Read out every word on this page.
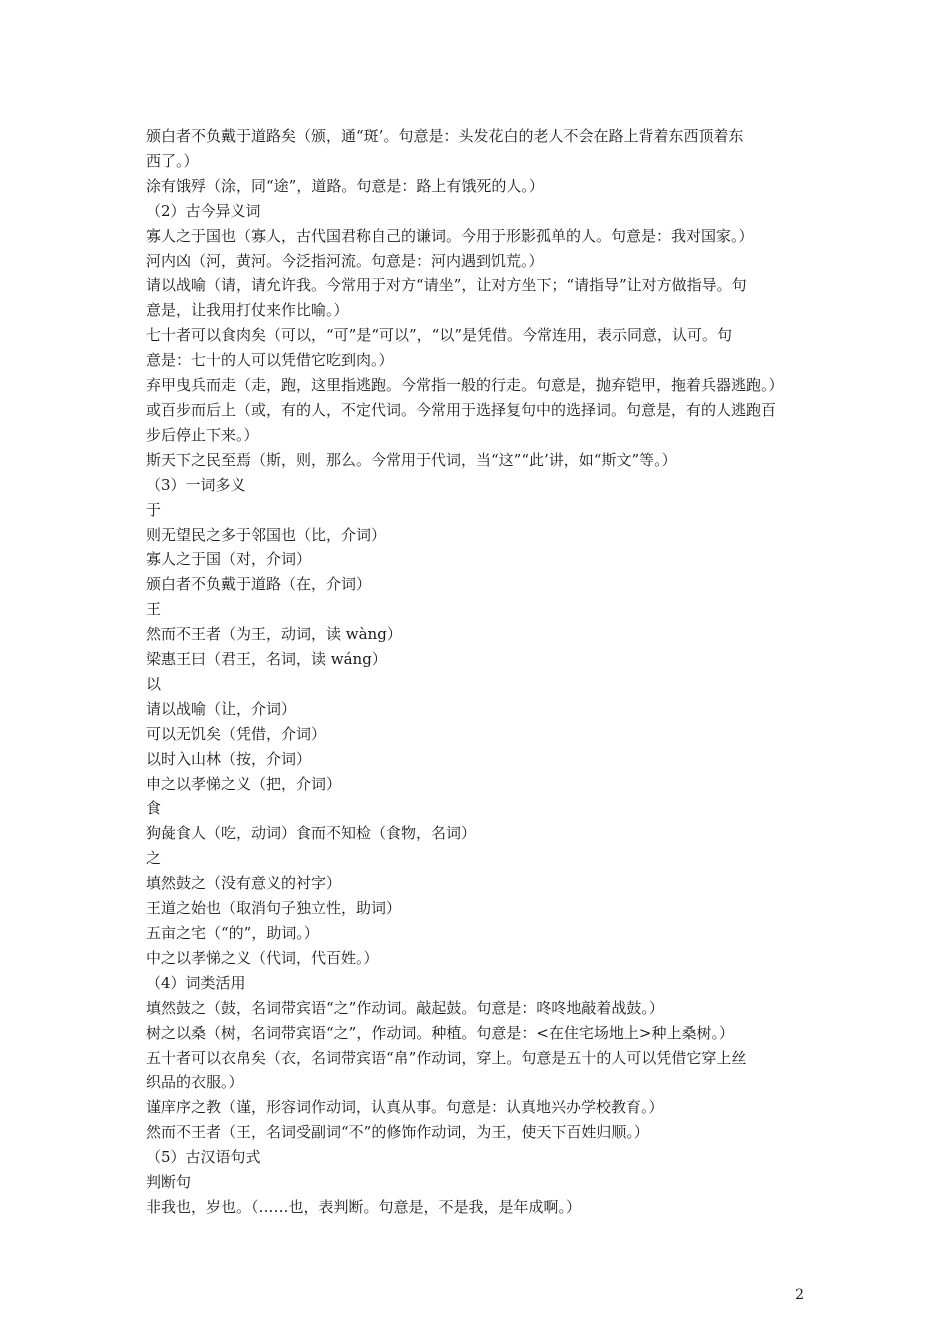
颁白者不负戴于道路矣（颁，通“斑’。句意是：头发花白的老人不会在路上背着东西顶着东
西了。）
涂有饿殍（涂，同“途”，道路。句意是：路上有饿死的人。）
（2）古今异义词
寡人之于国也（寡人，古代国君称自己的谦词。今用于形影孤单的人。句意是：我对国家。）
河内凶（河，黄河。今泛指河流。句意是：河内遇到饥荒。）
请以战喻（请，请允许我。今常用于对方“请坐”，让对方坐下；“请指导”让对方做指导。句
意是，让我用打仗来作比喻。）
七十者可以食肉矣（可以，“可”是“可以”，“以”是凭借。今常连用，表示同意，认可。句
意是：七十的人可以凭借它吃到肉。）
弃甲曳兵而走（走，跑，这里指逃跑。今常指一般的行走。句意是，抛弃铠甲，拖着兵器逃跑。）
或百步而后上（或，有的人，不定代词。今常用于选择复句中的选择词。句意是，有的人逃跑百
步后停止下来。）
斯天下之民至焉（斯，则，那么。今常用于代词，当“这”“此’讲，如“斯文”等。）
（3）一词多义
于
则无望民之多于邻国也（比，介词）
寡人之于国（对，介词）
颁白者不负戴于道路（在，介词）
王
然而不王者（为王，动词，读 wàng）
梁惠王曰（君王，名词，读 wáng）
以
请以战喻（让，介词）
可以无饥矣（凭借，介词）
以时入山林（按，介词）
申之以孝悌之义（把，介词）
食
狗彘食人（吃，动词）食而不知检（食物，名词）
之
填然鼓之（没有意义的衬字）
王道之始也（取消句子独立性，助词）
五亩之宅（“的”，助词。）
中之以孝悌之义（代词，代百姓。）
（4）词类活用
填然鼓之（鼓，名词带宾语“之”作动词。敲起鼓。句意是：咚咚地敲着战鼓。）
树之以桑（树，名词带宾语“之”，作动词。种植。句意是：<在住宅场地上>种上桑树。）
五十者可以衣帛矣（衣，名词带宾语“帛”作动词，穿上。句意是五十的人可以凭借它穿上丝
织品的衣服。）
谨庠序之教（谨，形容词作动词，认真从事。句意是：认真地兴办学校教育。）
然而不王者（王，名词受副词“不”的修饰作动词，为王，使天下百姓归顺。）
（5）古汉语句式
判断句
非我也，岁也。（……也，表判断。句意是，不是我，是年成啊。）
2
